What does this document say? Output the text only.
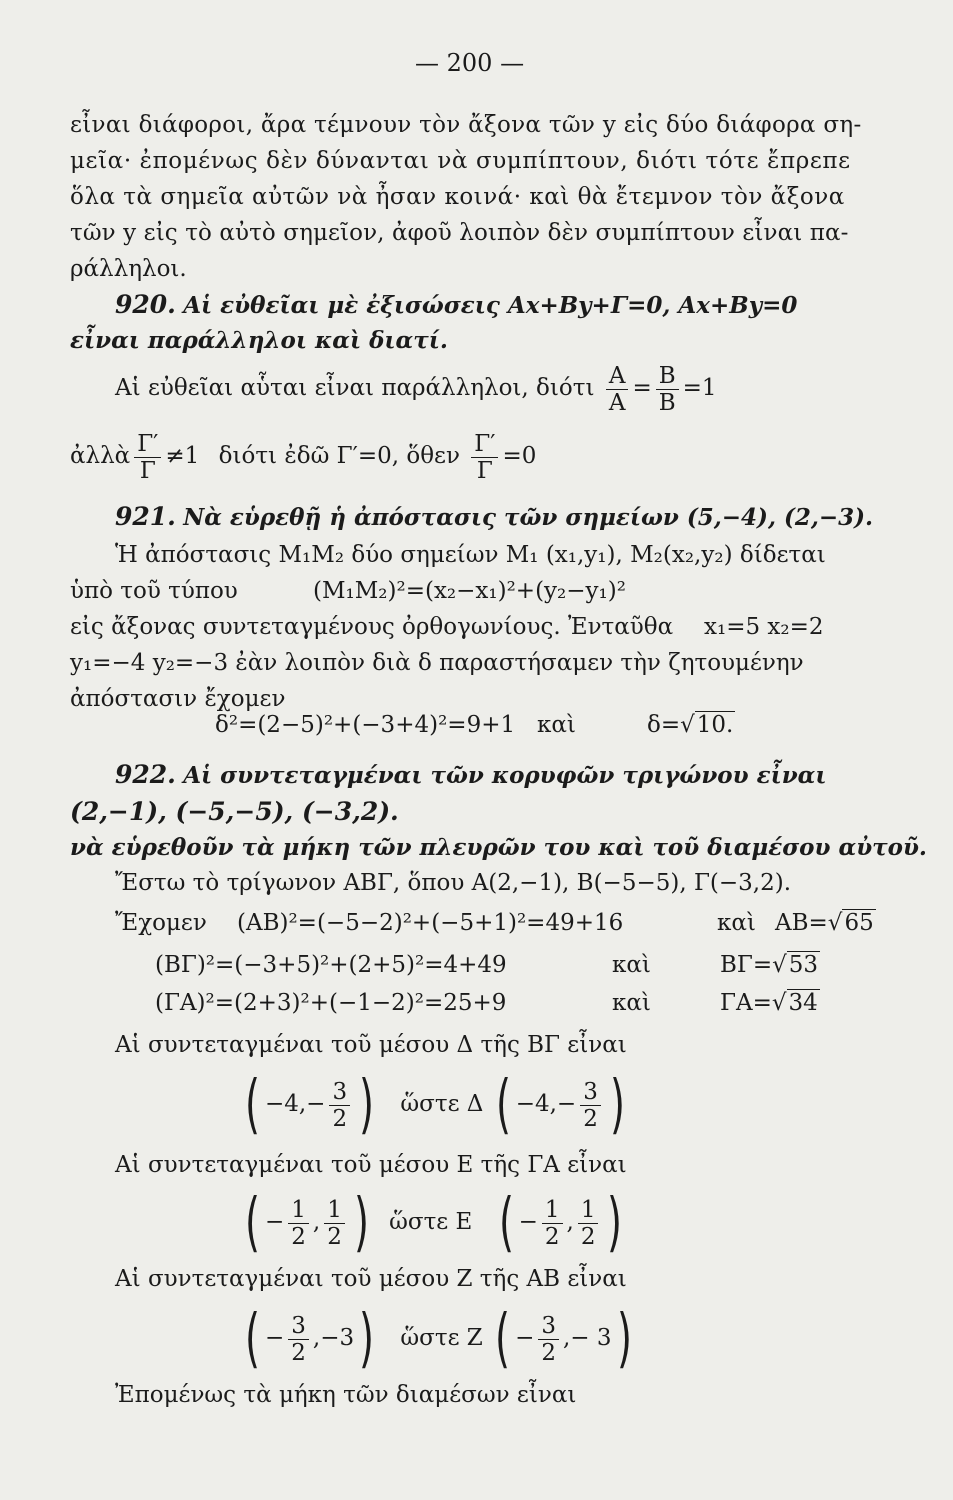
— 200 —
εἶναι διάφοροι, ἄρα τέμνουν τὸν ἄξονα τῶν y εἰς δύο διάφορα ση-
μεῖα· ἐπομένως δὲν δύνανται νὰ συμπίπτουν, διότι τότε ἔπρεπε
ὅλα τὰ σημεῖα αὐτῶν νὰ ἦσαν κοινά· καὶ θὰ ἔτεμνον τὸν ἄξονα
τῶν y εἰς τὸ αὐτὸ σημεῖον, ἀφοῦ λοιπὸν δὲν συμπίπτουν εἶναι πα-
ράλληλοι.
920. Αἱ εὐθεῖαι μὲ ἐξισώσεις Ax+By+Γ=0, Ax+By=0
εἶναι παράλληλοι καὶ διατί.
Αἱ εὐθεῖαι αὗται εἶναι παράλληλοι, διότι $\frac{A}{A} = \frac{B}{B} =1$
ἀλλὰ $\frac{\Gamma'}{\Gamma} \ne 1$ διότι ἐδῶ Γ′=0, ὅθεν $\frac{\Gamma'}{\Gamma} =0$
921. Νὰ εὑρεθῇ ἡ ἀπόστασις τῶν σημείων (5,−4), (2,−3).
Ἡ ἀπόστασις M₁M₂ δύο σημείων M₁ (x₁,y₁), M₂(x₂,y₂) δίδεται
ὑπὸ τοῦ τύπου	(M₁M₂)²=(x₂−x₁)²+(y₂−y₁)²
εἰς ἄξονας συντεταγμένους ὀρθογωνίους. Ἐνταῦθα x₁=5 x₂=2
y₁=−4 y₂=−3 ἐὰν λοιπὸν διὰ δ παραστήσαμεν τὴν ζητουμένην
ἀπόστασιν ἔχομεν
δ²=(2−5)²+(−3+4)²=9+1 καὶ	δ=√10.
922. Αἱ συντεταγμέναι τῶν κορυφῶν τριγώνου εἶναι
(2,−1), (−5,−5), (−3,2).
νὰ εὑρεθοῦν τὰ μήκη τῶν πλευρῶν του καὶ τοῦ διαμέσου αὐτοῦ.
Ἔστω τὸ τρίγωνον ΑΒΓ, ὅπου Α(2,−1), Β(−5−5), Γ(−3,2).
Ἔχομεν (ΑΒ)²=(−5−2)²+(−5+1)²=49+16	καὶ ΑΒ=√65
(ΒΓ)²=(−3+5)²+(2+5)²=4+49	καὶ	ΒΓ=√53
(ΓΑ)²=(2+3)²+(−1−2)²=25+9	καὶ	ΓΑ=√34
Αἱ συντεταγμέναι τοῦ μέσου Δ τῆς ΒΓ εἶναι
( $-4,- \frac{3}{2}$ ) ὥστε Δ ( $-4,- \frac{3}{2}$ )
Αἱ συντεταγμέναι τοῦ μέσου Ε τῆς ΓΑ εἶναι
( − $\frac{1}{2}$ , $\frac{1}{2}$ ) ὥστε Ε ( − $\frac{1}{2}$ , $\frac{1}{2}$ )
Αἱ συντεταγμέναι τοῦ μέσου Ζ τῆς ΑΒ εἶναι
( − $\frac{3}{2} ,-3$) ὥστε Ζ ( − $\frac{3}{2}$ ,− 3)
Ἐπομένως τὰ μήκη τῶν διαμέσων εἶναι
